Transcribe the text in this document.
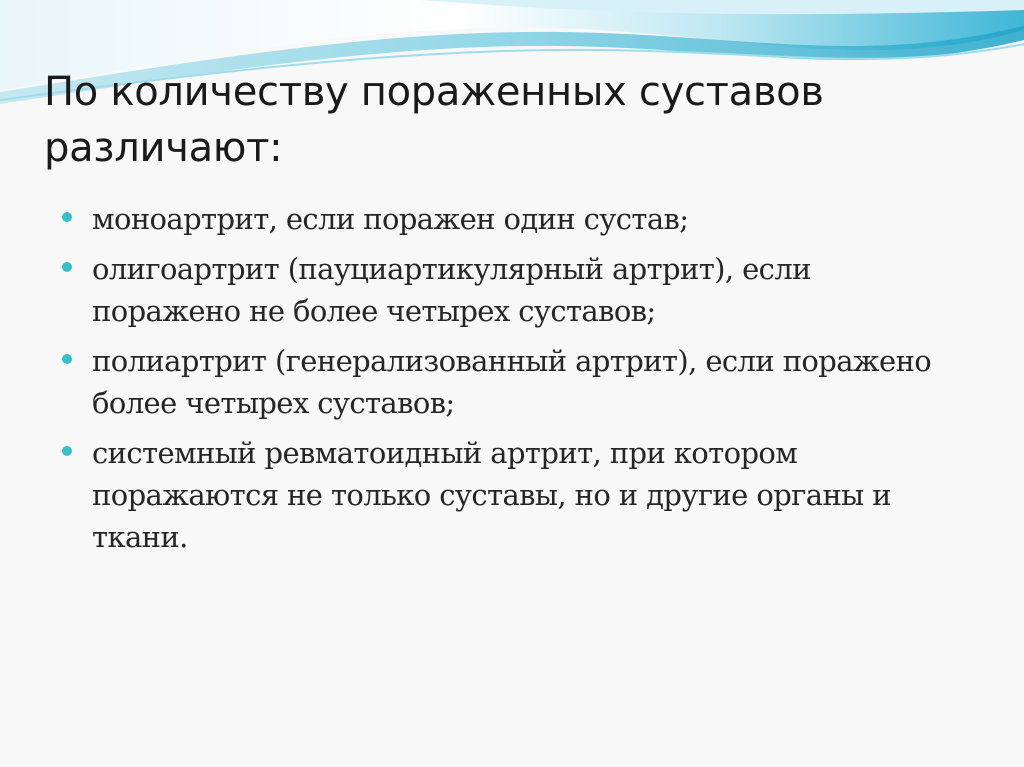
По количеству пораженных суставов различают:
моноартрит, если поражен один сустав;
олигоартрит (пауциартикулярный артрит), если поражено не более четырех суставов;
полиартрит (генерализованный артрит), если поражено более четырех суставов;
системный ревматоидный артрит, при котором поражаются не только суставы, но и другие органы и ткани.
